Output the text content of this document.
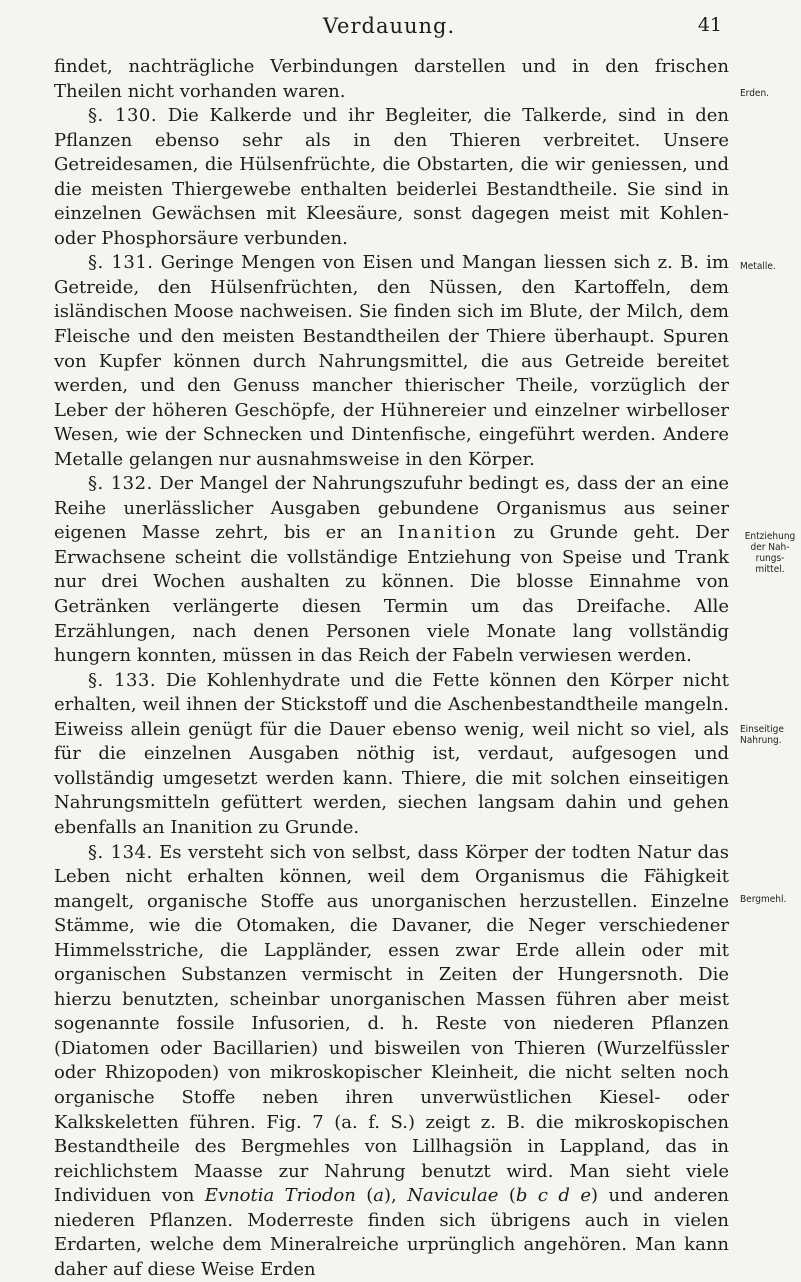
Verdauung.	41

findet, nachträgliche Verbindungen darstellen und in den frischen Theilen nicht vorhanden waren.

§. 130. Die Kalkerde und ihr Begleiter, die Talkerde, sind in den Pflanzen ebenso sehr als in den Thieren verbreitet. Unsere Getreidesamen, die Hülsenfrüchte, die Obstarten, die wir geniessen, und die meisten Thiergewebe enthalten beiderlei Bestandtheile. Sie sind in einzelnen Gewächsen mit Kleesäure, sonst dagegen meist mit Kohlen- oder Phosphorsäure verbunden.

§. 131. Geringe Mengen von Eisen und Mangan liessen sich z. B. im Getreide, den Hülsenfrüchten, den Nüssen, den Kartoffeln, dem isländischen Moose nachweisen. Sie finden sich im Blute, der Milch, dem Fleische und den meisten Bestandtheilen der Thiere überhaupt. Spuren von Kupfer können durch Nahrungsmittel, die aus Getreide bereitet werden, und den Genuss mancher thierischer Theile, vorzüglich der Leber der höheren Geschöpfe, der Hühnereier und einzelner wirbelloser Wesen, wie der Schnecken und Dintenfische, eingeführt werden. Andere Metalle gelangen nur ausnahmsweise in den Körper.

§. 132. Der Mangel der Nahrungszufuhr bedingt es, dass der an eine Reihe unerlässlicher Ausgaben gebundene Organismus aus seiner eigenen Masse zehrt, bis er an Inanition zu Grunde geht. Der Erwachsene scheint die vollständige Entziehung von Speise und Trank nur drei Wochen aushalten zu können. Die blosse Einnahme von Getränken verlängerte diesen Termin um das Dreifache. Alle Erzählungen, nach denen Personen viele Monate lang vollständig hungern konnten, müssen in das Reich der Fabeln verwiesen werden.

§. 133. Die Kohlenhydrate und die Fette können den Körper nicht erhalten, weil ihnen der Stickstoff und die Aschenbestandtheile mangeln. Eiweiss allein genügt für die Dauer ebenso wenig, weil nicht so viel, als für die einzelnen Ausgaben nöthig ist, verdaut, aufgesogen und vollständig umgesetzt werden kann. Thiere, die mit solchen einseitigen Nahrungsmitteln gefüttert werden, siechen langsam dahin und gehen ebenfalls an Inanition zu Grunde.

§. 134. Es versteht sich von selbst, dass Körper der todten Natur das Leben nicht erhalten können, weil dem Organismus die Fähigkeit mangelt, organische Stoffe aus unorganischen herzustellen. Einzelne Stämme, wie die Otomaken, die Davaner, die Neger verschiedener Himmelsstriche, die Lappländer, essen zwar Erde allein oder mit organischen Substanzen vermischt in Zeiten der Hungersnoth. Die hierzu benutzten, scheinbar unorganischen Massen führen aber meist sogenannte fossile Infusorien, d. h. Reste von niederen Pflanzen (Diatomen oder Bacillarien) und bisweilen von Thieren (Wurzelfüssler oder Rhizopoden) von mikroskopischer Kleinheit, die nicht selten noch organische Stoffe neben ihren unverwüstlichen Kiesel- oder Kalkskeletten führen. Fig. 7 (a. f. S.) zeigt z. B. die mikroskopischen Bestandtheile des Bergmehles von Lillhagsiön in Lappland, das in reichlichstem Maasse zur Nahrung benutzt wird. Man sieht viele Individuen von Evnotia Triodon (a), Naviculae (b c d e) und anderen niederen Pflanzen. Moderreste finden sich übrigens auch in vielen Erdarten, welche dem Mineralreiche urprünglich angehören. Man kann daher auf diese Weise Erden

Erden.
Metalle.
Entziehung
der Nah-
rungs-
mittel.
Einseitige
Nahrung.
Bergmehl.
